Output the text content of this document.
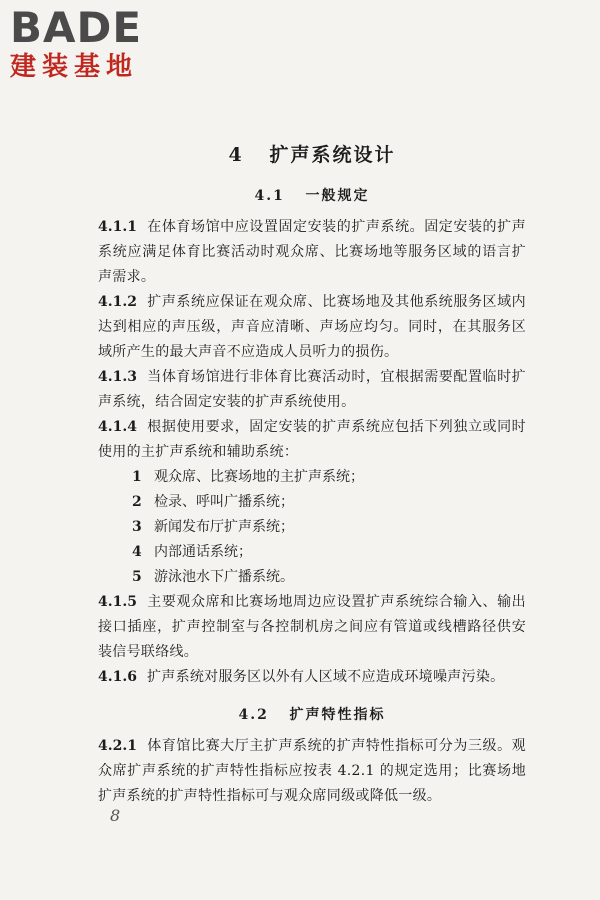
BADE
建装基地
4 扩声系统设计
4.1 一般规定

4.1.1 在体育场馆中应设置固定安装的扩声系统。固定安装的扩声系统应满足体育比赛活动时观众席、比赛场地等服务区域的语言扩声需求。

4.1.2 扩声系统应保证在观众席、比赛场地及其他系统服务区域内达到相应的声压级，声音应清晰、声场应均匀。同时，在其服务区域所产生的最大声音不应造成人员听力的损伤。

4.1.3 当体育场馆进行非体育比赛活动时，宜根据需要配置临时扩声系统，结合固定安装的扩声系统使用。

4.1.4 根据使用要求，固定安装的扩声系统应包括下列独立或同时使用的主扩声系统和辅助系统：

1 观众席、比赛场地的主扩声系统；

2 检录、呼叫广播系统；

3 新闻发布厅扩声系统；

4 内部通话系统；

5 游泳池水下广播系统。

4.1.5 主要观众席和比赛场地周边应设置扩声系统综合输入、输出接口插座，扩声控制室与各控制机房之间应有管道或线槽路径供安装信号联络线。

4.1.6 扩声系统对服务区以外有人区域不应造成环境噪声污染。

4.2 扩声特性指标

4.2.1 体育馆比赛大厅主扩声系统的扩声特性指标可分为三级。观众席扩声系统的扩声特性指标应按表 4.2.1 的规定选用；比赛场地扩声系统的扩声特性指标可与观众席同级或降低一级。

8
